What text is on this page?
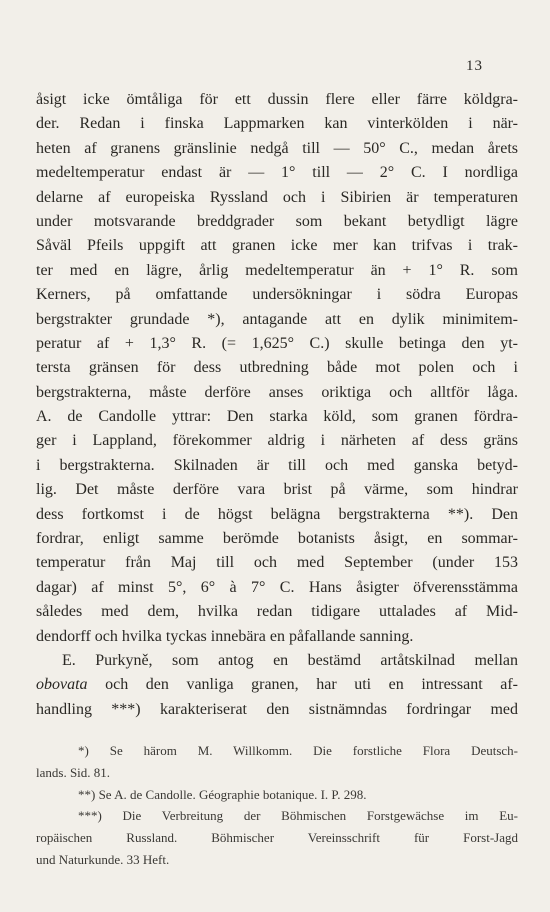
13
åsigt icke ömtåliga för ett dussin flere eller färre köldgra-
der. Redan i finska Lappmarken kan vinterkölden i när-
heten af granens gränslinie nedgå till — 50° C., medan årets
medeltemperatur endast är — 1° till — 2° C. I nordliga
delarne af europeiska Ryssland och i Sibirien är temperaturen
under motsvarande breddgrader som bekant betydligt lägre
Såväl Pfeils uppgift att granen icke mer kan trifvas i trak-
ter med en lägre, årlig medeltemperatur än + 1° R. som
Kerners, på omfattande undersökningar i södra Europas
bergstrakter grundade *), antagande att en dylik minimitem-
peratur af + 1,3° R. (= 1,625° C.) skulle betinga den yt-
tersta gränsen för dess utbredning både mot polen och i
bergstrakterna, måste derföre anses oriktiga och alltför låga.
A. de Candolle yttrar: Den starka köld, som granen fördra-
ger i Lappland, förekommer aldrig i närheten af dess gräns
i bergstrakterna. Skilnaden är till och med ganska betyd-
lig. Det måste derföre vara brist på värme, som hindrar
dess fortkomst i de högst belägna bergstrakterna **). Den
fordrar, enligt samme berömde botanists åsigt, en sommar-
temperatur från Maj till och med September (under 153
dagar) af minst 5°, 6° à 7° C. Hans åsigter öfverensstämma
således med dem, hvilka redan tidigare uttalades af Mid-
dendorff och hvilka tyckas innebära en påfallande sanning.
E. Purkyně, som antog en bestämd artåtskilnad mellan
obovata och den vanliga granen, har uti en intressant af-
handling ***) karakteriserat den sistnämndas fordringar med
*) Se härom M. Willkomm. Die forstliche Flora Deutsch-
lands. Sid. 81.
**) Se A. de Candolle. Géographie botanique. I. P. 298.
***) Die Verbreitung der Böhmischen Forstgewächse im Eu-
ropäischen Russland. Böhmischer Vereinsschrift für Forst-Jagd
und Naturkunde. 33 Heft.
